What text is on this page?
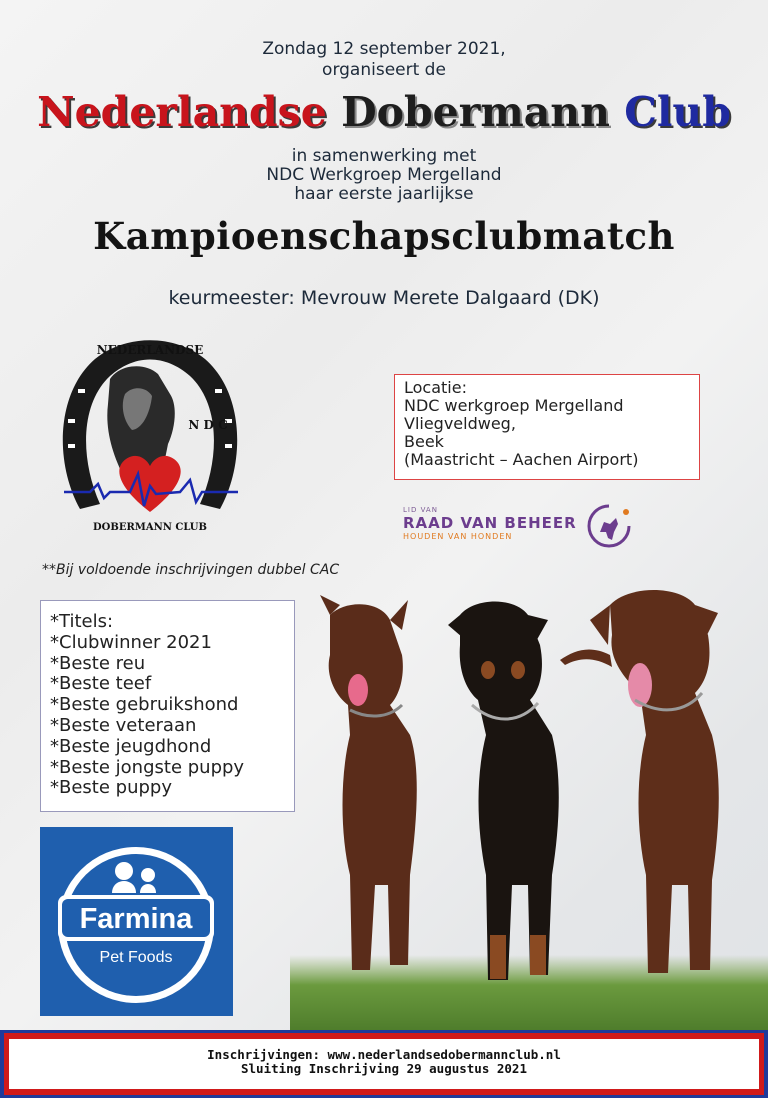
Zondag 12 september 2021,
organiseert de
Nederlandse Dobermann Club
in samenwerking met
NDC Werkgroep Mergelland
haar eerste jaarlijkse
Kampioenschapsclubmatch
keurmeester: Mevrouw Merete Dalgaard (DK)
NEDERLANDSE
N D C
DOBERMANN CLUB
Locatie:
NDC werkgroep Mergelland
Vliegveldweg,
Beek
(Maastricht – Aachen Airport)
LID VAN
RAAD VAN BEHEER
HOUDEN VAN HONDEN
**Bij voldoende inschrijvingen dubbel CAC
*Titels:
*Clubwinner 2021
*Beste reu
*Beste teef
*Beste gebruikshond
*Beste veteraan
*Beste jeugdhond
*Beste jongste puppy
*Beste puppy
Farmina
Pet Foods
Inschrijvingen: www.nederlandsedobermannclub.nl
Sluiting Inschrijving 29 augustus 2021
